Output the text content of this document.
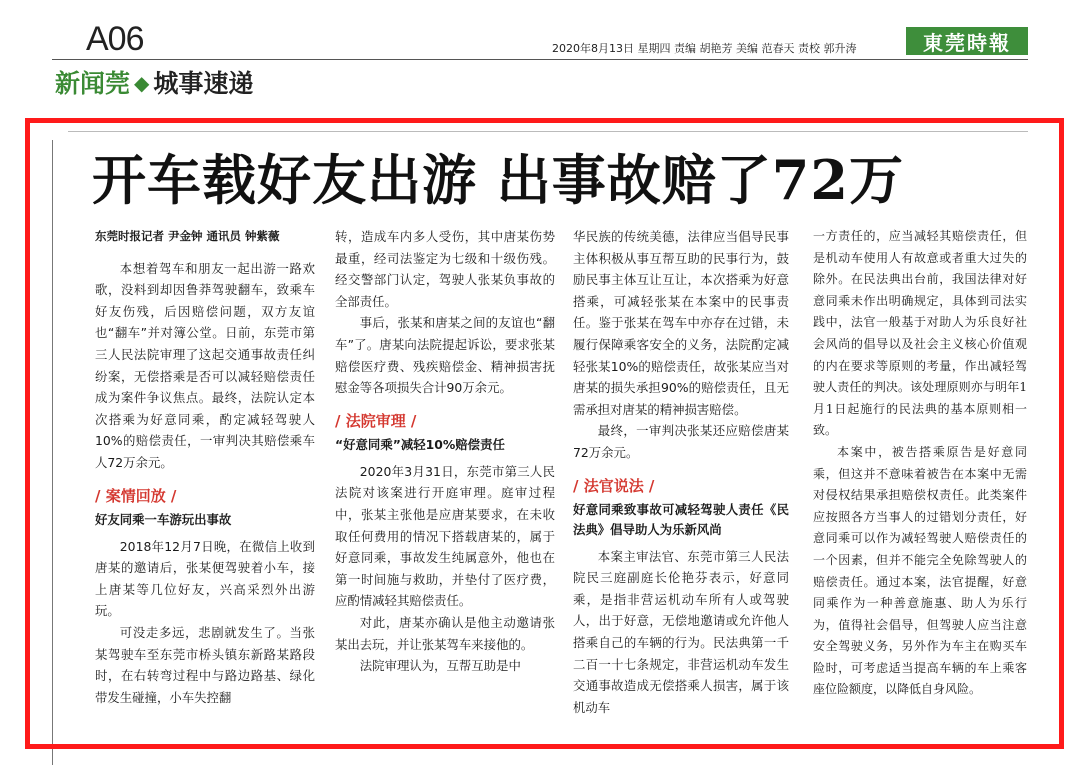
A06	2020年8月13日 星期四 责编 胡艳芳 美编 范春天 责校 郭升涛	東莞時報
新闻莞 ◆ 城事速递
开车载好友出游 出事故赔了72万
东莞时报记者 尹金钟 通讯员 钟紫薇

本想着驾车和朋友一起出游一路欢歌，没料到却因鲁莽驾驶翻车，致乘车好友伤残，后因赔偿问题，双方友谊也“翻车”并对簿公堂。日前，东莞市第三人民法院审理了这起交通事故责任纠纷案，无偿搭乘是否可以减轻赔偿责任成为案件争议焦点。最终，法院认定本次搭乘为好意同乘，酌定减轻驾驶人10%的赔偿责任，一审判决其赔偿乘车人72万余元。

/ 案情回放 /
好友同乘一车游玩出事故

2018年12月7日晚，在微信上收到唐某的邀请后，张某便驾驶着小车，接上唐某等几位好友，兴高采烈外出游玩。

可没走多远，悲剧就发生了。当张某驾驶车至东莞市桥头镇东新路某路段时，在右转弯过程中与路边路基、绿化带发生碰撞，小车失控翻

转，造成车内多人受伤，其中唐某伤势最重，经司法鉴定为七级和十级伤残。经交警部门认定，驾驶人张某负事故的全部责任。

事后，张某和唐某之间的友谊也“翻车”了。唐某向法院提起诉讼，要求张某赔偿医疗费、残疾赔偿金、精神损害抚慰金等各项损失合计90万余元。

/ 法院审理 /
“好意同乘”减轻10%赔偿责任

2020年3月31日，东莞市第三人民法院对该案进行开庭审理。庭审过程中，张某主张他是应唐某要求，在未收取任何费用的情况下搭载唐某的，属于好意同乘，事故发生纯属意外，他也在第一时间施与救助，并垫付了医疗费，应酌情减轻其赔偿责任。

对此，唐某亦确认是他主动邀请张某出去玩，并让张某驾车来接他的。

法院审理认为，互帮互助是中

华民族的传统美德，法律应当倡导民事主体积极从事互帮互助的民事行为，鼓励民事主体互让互让，本次搭乘为好意搭乘，可减轻张某在本案中的民事责任。鉴于张某在驾车中亦存在过错，未履行保障乘客安全的义务，法院酌定减轻张某10%的赔偿责任，故张某应当对唐某的损失承担90%的赔偿责任，且无需承担对唐某的精神损害赔偿。

最终，一审判决张某还应赔偿唐某72万余元。

/ 法官说法 /
好意同乘致事故可减轻驾驶人责任《民法典》倡导助人为乐新风尚

本案主审法官、东莞市第三人民法院民三庭副庭长伦艳芬表示，好意同乘，是指非营运机动车所有人或驾驶人，出于好意，无偿地邀请或允许他人搭乘自己的车辆的行为。民法典第一千二百一十七条规定，非营运机动车发生交通事故造成无偿搭乘人损害，属于该机动车

一方责任的，应当减轻其赔偿责任，但是机动车使用人有故意或者重大过失的除外。在民法典出台前，我国法律对好意同乘未作出明确规定，具体到司法实践中，法官一般基于对助人为乐良好社会风尚的倡导以及社会主义核心价值观的内在要求等原则的考量，作出减轻驾驶人责任的判决。该处理原则亦与明年1月1日起施行的民法典的基本原则相一致。

本案中，被告搭乘原告是好意同乘，但这并不意味着被告在本案中无需对侵权结果承担赔偿权责任。此类案件应按照各方当事人的过错划分责任，好意同乘可以作为减轻驾驶人赔偿责任的一个因素，但并不能完全免除驾驶人的赔偿责任。通过本案，法官提醒，好意同乘作为一种善意施惠、助人为乐行为，值得社会倡导，但驾驶人应当注意安全驾驶义务，另外作为车主在购买车险时，可考虑适当提高车辆的车上乘客座位险额度，以降低自身风险。
